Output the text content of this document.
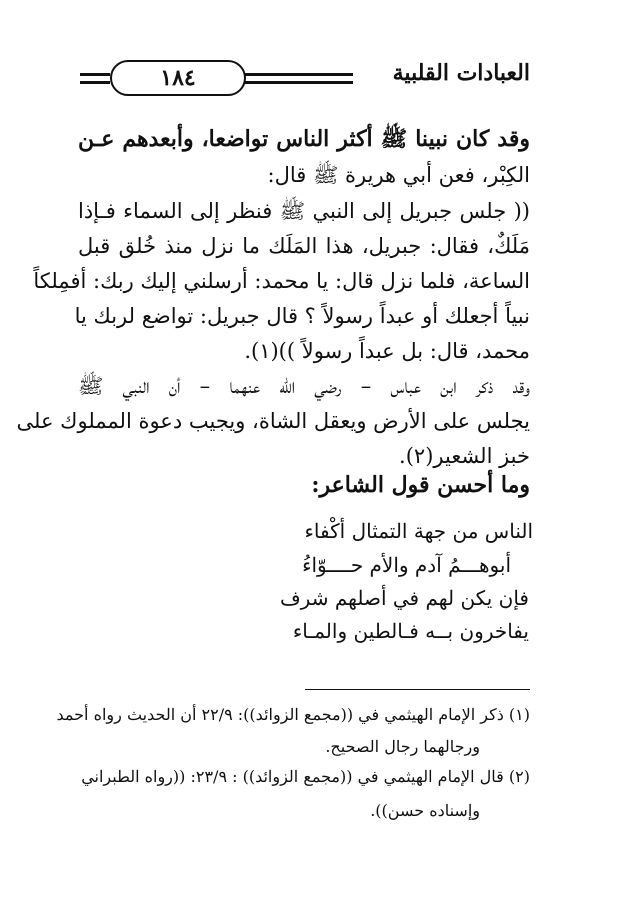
١٨٤	العبادات القلبية
وقد كان نبينا ﷺ أكثر الناس تواضعا، وأبعدهم عـن
الكِبْر، فعن أبي هريرة ﷺ قال:
(( جلس جبريل إلى النبي ﷺ فنظر إلى السماء فـإذا
مَلَكٌ، فقال: جبريل، هذا المَلَك ما نزل منذ خُلق قبل
الساعة، فلما نزل قال: يا محمد: أرسلني إليك ربك: أفمِلكاً
نبياً أجعلك أو عبداً رسولاً ؟ قال جبريل: تواضع لربك يا
محمد، قال: بل عبداً رسولاً ))(١).
وقد ذكر ابن عباس – رضي الله عنهما – أن النبي ﷺ
يجلس على الأرض ويعقل الشاة، ويجيب دعوة المملوك على
خبز الشعير(٢).
وما أحسن قول الشاعر:
الناس من جهة التمثال أكْفاء
أبوهـــمُ آدم والأم حــــوّاءُ
فإن يكن لهم في أصلهم شرف
يفاخرون بــه فـالطين والمـاء
(١) ذكر الإمام الهيثمي في ((مجمع الزوائد)): ٢٢/٩ أن الحديث رواه أحمد
ورجالهما رجال الصحيح.
(٢) قال الإمام الهيثمي في ((مجمع الزوائد)) : ٢٣/٩: ((رواه الطبراني
وإسناده حسن)).
